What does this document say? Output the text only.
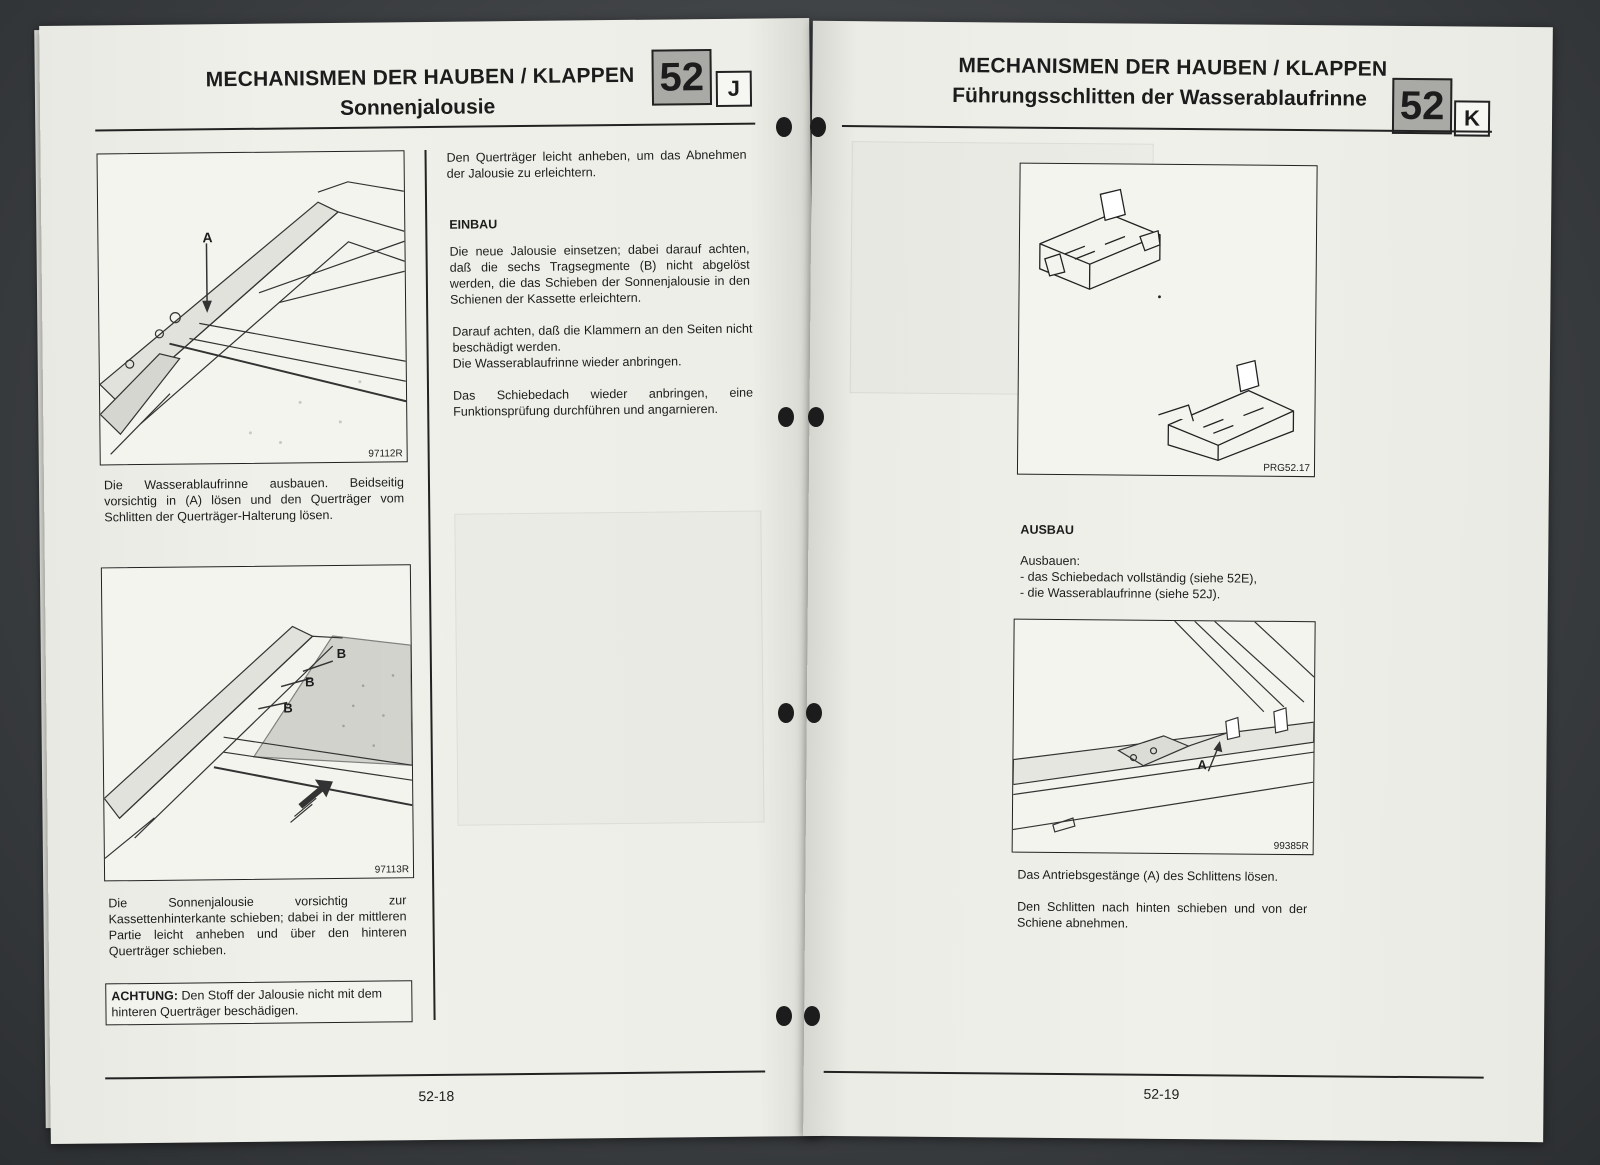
MECHANISMEN DER HAUBEN / KLAPPEN
Sonnenjalousie
52	J
A
97112R
Die Wasserablaufrinne ausbauen. Beidseitig vorsichtig in (A) lösen und den Querträger vom Schlitten der Querträger-Halterung lösen.
B
B
B
97113R
Die Sonnenjalousie vorsichtig zur Kassettenhinterkante schieben; dabei in der mittleren Partie leicht anheben und über den hinteren Querträger schieben.
ACHTUNG: Den Stoff der Jalousie nicht mit dem hinteren Querträger beschädigen.
Den Querträger leicht anheben, um das Abnehmen der Jalousie zu erleichtern.
EINBAU
Die neue Jalousie einsetzen; dabei darauf achten, daß die sechs Tragsegmente (B) nicht abgelöst werden, die das Schieben der Sonnenjalousie in den Schienen der Kassette erleichtern.
Darauf achten, daß die Klammern an den Seiten nicht beschädigt werden.
Die Wasserablaufrinne wieder anbringen.
Das Schiebedach wieder anbringen, eine Funktionsprüfung durchführen und angarnieren.
52-18
MECHANISMEN DER HAUBEN / KLAPPEN
Führungsschlitten der Wasserablaufrinne 52 K
PRG52.17
AUSBAU
Ausbauen:
- das Schiebedach vollständig (siehe 52E),
- die Wasserablaufrinne (siehe 52J).
A
99385R
Das Antriebsgestänge (A) des Schlittens lösen.
Den Schlitten nach hinten schieben und von der Schiene abnehmen.
52-19
